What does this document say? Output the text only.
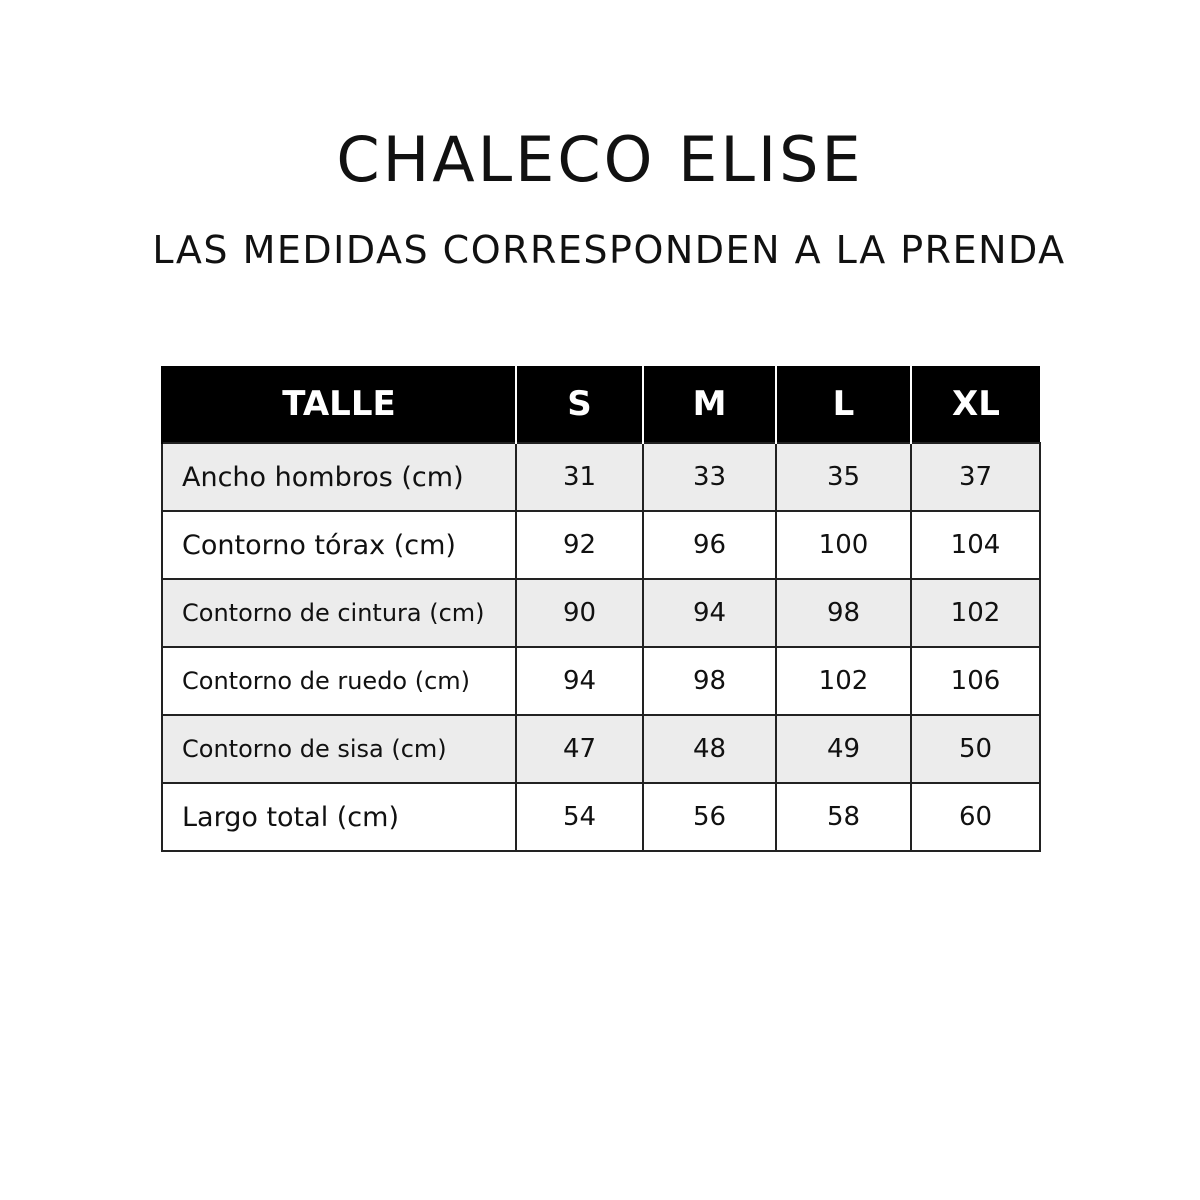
CHALECO ELISE
LAS MEDIDAS CORRESPONDEN A LA PRENDA
TALLE	S	M	L	XL
Ancho hombros (cm)	31	33	35	37
Contorno tórax (cm)	92	96	100	104
Contorno de cintura (cm)	90	94	98	102
Contorno de ruedo (cm)	94	98	102	106
Contorno de sisa (cm)	47	48	49	50
Largo total (cm)	54	56	58	60
